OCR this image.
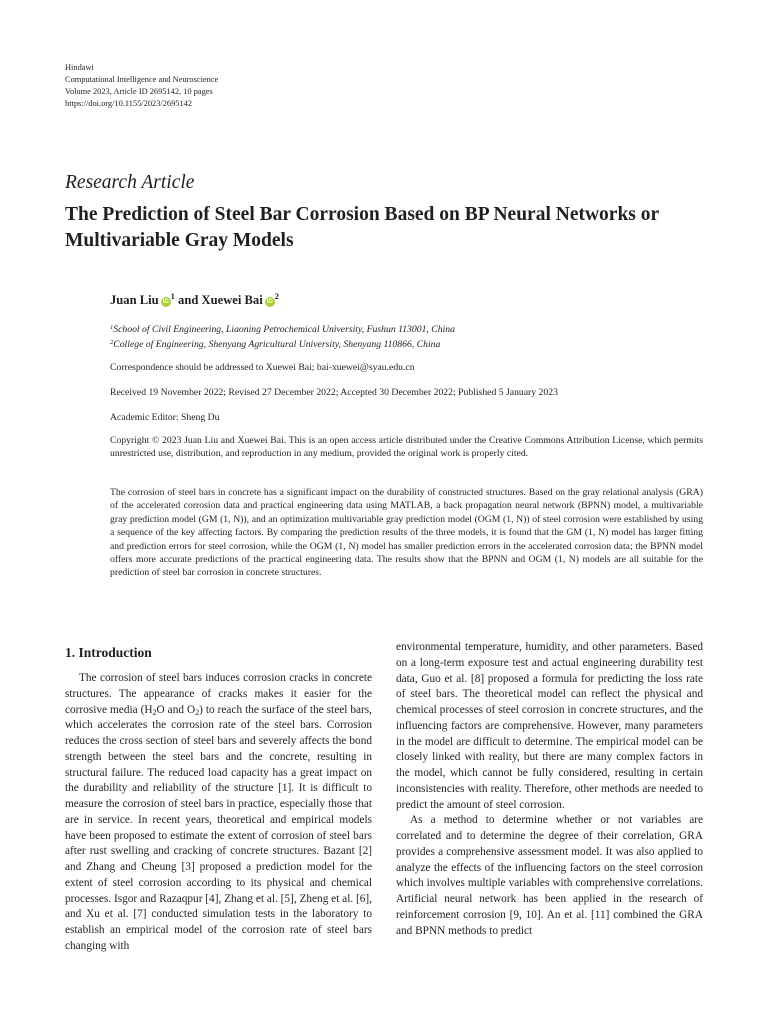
Hindawi
Computational Intelligence and Neuroscience
Volume 2023, Article ID 2695142, 10 pages
https://doi.org/10.1155/2023/2695142
Research Article
The Prediction of Steel Bar Corrosion Based on BP Neural Networks or Multivariable Gray Models
Juan Liu $iD^1$ and Xuewei Bai $iD^2$
$^1$School of Civil Engineering, Liaoning Petrochemical University, Fushun 113001, China
$^2$College of Engineering, Shenyang Agricultural University, Shenyang 110866, China
Correspondence should be addressed to Xuewei Bai; bai-xuewei@syau.edu.cn
Received 19 November 2022; Revised 27 December 2022; Accepted 30 December 2022; Published 5 January 2023
Academic Editor: Sheng Du
Copyright © 2023 Juan Liu and Xuewei Bai. This is an open access article distributed under the Creative Commons Attribution License, which permits unrestricted use, distribution, and reproduction in any medium, provided the original work is properly cited.
The corrosion of steel bars in concrete has a significant impact on the durability of constructed structures. Based on the gray relational analysis (GRA) of the accelerated corrosion data and practical engineering data using MATLAB, a back propagation neural network (BPNN) model, a multivariable gray prediction model (GM (1, N)), and an optimization multivariable gray prediction model (OGM (1, N)) of steel corrosion were established by using a sequence of the key affecting factors. By comparing the prediction results of the three models, it is found that the GM (1, N) model has larger fitting and prediction errors for steel corrosion, while the OGM (1, N) model has smaller prediction errors in the accelerated corrosion data; the BPNN model offers more accurate predictions of the practical engineering data. The results show that the BPNN and OGM (1, N) models are all suitable for the prediction of steel bar corrosion in concrete structures.
1. Introduction

The corrosion of steel bars induces corrosion cracks in concrete structures. The appearance of cracks makes it easier for the corrosive media (H2O and O2) to reach the surface of the steel bars, which accelerates the corrosion rate of the steel bars. Corrosion reduces the cross section of steel bars and severely affects the bond strength between the steel bars and the concrete, resulting in structural failure. The reduced load capacity has a great impact on the durability and reliability of the structure [1]. It is difficult to measure the corrosion of steel bars in practice, especially those that are in service. In recent years, theoretical and empirical models have been proposed to estimate the extent of corrosion of steel bars after rust swelling and cracking of concrete structures. Bazant [2] and Zhang and Cheung [3] proposed a prediction model for the extent of steel corrosion according to its physical and chemical processes. Isgor and Razaqpur [4], Zhang et al. [5], Zheng et al. [6], and Xu et al. [7] conducted simulation tests in the laboratory to establish an empirical model of the corrosion rate of steel bars changing with

environmental temperature, humidity, and other parameters. Based on a long-term exposure test and actual engineering durability test data, Guo et al. [8] proposed a formula for predicting the loss rate of steel bars. The theoretical model can reflect the physical and chemical processes of steel corrosion in concrete structures, and the influencing factors are comprehensive. However, many parameters in the model are difficult to determine. The empirical model can be closely linked with reality, but there are many complex factors in the model, which cannot be fully considered, resulting in certain inconsistencies with reality. Therefore, other methods are needed to predict the amount of steel corrosion.

As a method to determine whether or not variables are correlated and to determine the degree of their correlation, GRA provides a comprehensive assessment model. It was also applied to analyze the effects of the influencing factors on the steel corrosion which involves multiple variables with comprehensive correlations. Artificial neural network has been applied in the research of reinforcement corrosion [9, 10]. An et al. [11] combined the GRA and BPNN methods to predict
